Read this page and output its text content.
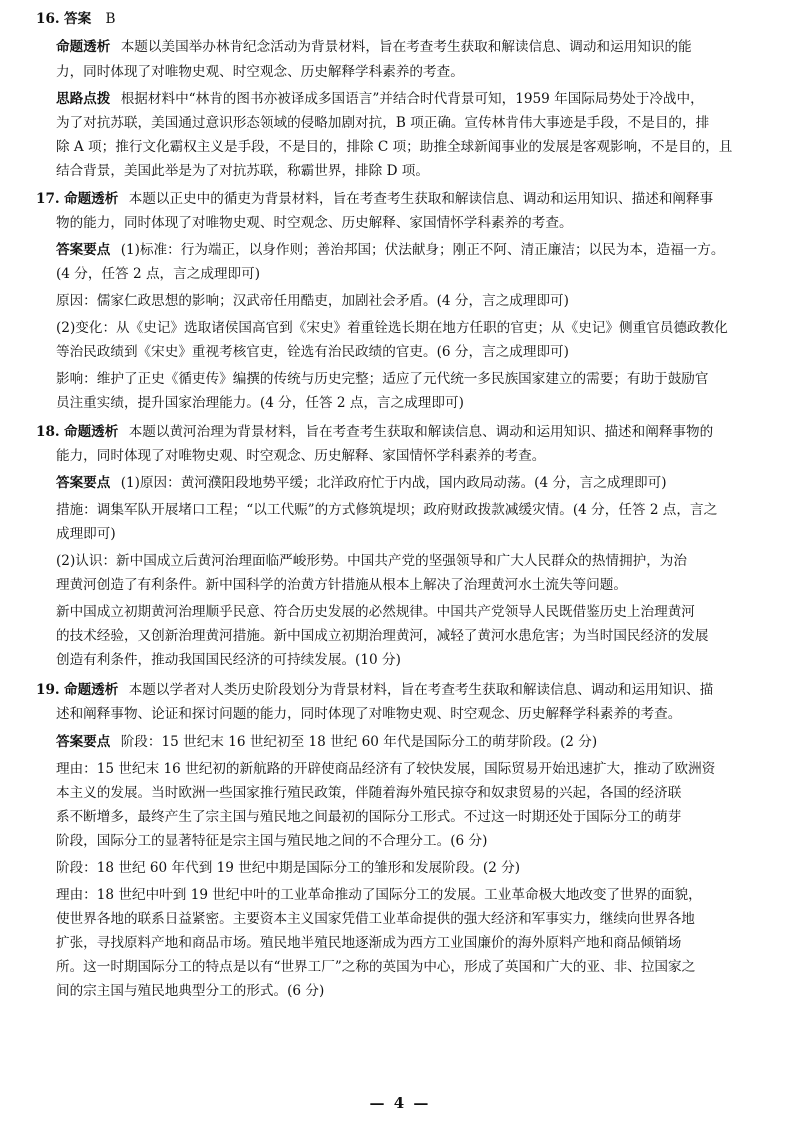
16. 答案 B
命题透析 本题以美国举办林肯纪念活动为背景材料，旨在考查考生获取和解读信息、调动和运用知识的能
力，同时体现了对唯物史观、时空观念、历史解释学科素养的考查。
思路点拨 根据材料中“林肯的图书亦被译成多国语言”并结合时代背景可知，1959 年国际局势处于冷战中，
为了对抗苏联，美国通过意识形态领域的侵略加剧对抗，B 项正确。宣传林肯伟大事迹是手段，不是目的，排
除 A 项；推行文化霸权主义是手段，不是目的，排除 C 项；助推全球新闻事业的发展是客观影响，不是目的，且
结合背景，美国此举是为了对抗苏联，称霸世界，排除 D 项。
17. 命题透析 本题以正史中的循吏为背景材料，旨在考查考生获取和解读信息、调动和运用知识、描述和阐释事
物的能力，同时体现了对唯物史观、时空观念、历史解释、家国情怀学科素养的考查。
答案要点 (1)标准：行为端正，以身作则；善治邦国；伏法献身；刚正不阿、清正廉洁；以民为本，造福一方。
(4 分，任答 2 点，言之成理即可)
原因：儒家仁政思想的影响；汉武帝任用酷吏，加剧社会矛盾。(4 分，言之成理即可)
(2)变化：从《史记》选取诸侯国高官到《宋史》着重铨选长期在地方任职的官吏；从《史记》侧重官员德政教化
等治民政绩到《宋史》重视考核官吏，铨选有治民政绩的官吏。(6 分，言之成理即可)
影响：维护了正史《循吏传》编撰的传统与历史完整；适应了元代统一多民族国家建立的需要；有助于鼓励官
员注重实绩，提升国家治理能力。(4 分，任答 2 点，言之成理即可)
18. 命题透析 本题以黄河治理为背景材料，旨在考查考生获取和解读信息、调动和运用知识、描述和阐释事物的
能力，同时体现了对唯物史观、时空观念、历史解释、家国情怀学科素养的考查。
答案要点 (1)原因：黄河濮阳段地势平缓；北洋政府忙于内战，国内政局动荡。(4 分，言之成理即可)
措施：调集军队开展堵口工程；“以工代赈”的方式修筑堤坝；政府财政拨款减缓灾情。(4 分，任答 2 点，言之
成理即可)
(2)认识：新中国成立后黄河治理面临严峻形势。中国共产党的坚强领导和广大人民群众的热情拥护，为治
理黄河创造了有利条件。新中国科学的治黄方针措施从根本上解决了治理黄河水土流失等问题。
新中国成立初期黄河治理顺乎民意、符合历史发展的必然规律。中国共产党领导人民既借鉴历史上治理黄河
的技术经验，又创新治理黄河措施。新中国成立初期治理黄河，减轻了黄河水患危害；为当时国民经济的发展
创造有利条件，推动我国国民经济的可持续发展。(10 分)
19. 命题透析 本题以学者对人类历史阶段划分为背景材料，旨在考查考生获取和解读信息、调动和运用知识、描
述和阐释事物、论证和探讨问题的能力，同时体现了对唯物史观、时空观念、历史解释学科素养的考查。
答案要点 阶段：15 世纪末 16 世纪初至 18 世纪 60 年代是国际分工的萌芽阶段。(2 分)
理由：15 世纪末 16 世纪初的新航路的开辟使商品经济有了较快发展，国际贸易开始迅速扩大，推动了欧洲资
本主义的发展。当时欧洲一些国家推行殖民政策，伴随着海外殖民掠夺和奴隶贸易的兴起，各国的经济联
系不断增多，最终产生了宗主国与殖民地之间最初的国际分工形式。不过这一时期还处于国际分工的萌芽
阶段，国际分工的显著特征是宗主国与殖民地之间的不合理分工。(6 分)
阶段：18 世纪 60 年代到 19 世纪中期是国际分工的雏形和发展阶段。(2 分)
理由：18 世纪中叶到 19 世纪中叶的工业革命推动了国际分工的发展。工业革命极大地改变了世界的面貌，
使世界各地的联系日益紧密。主要资本主义国家凭借工业革命提供的强大经济和军事实力，继续向世界各地
扩张，寻找原料产地和商品市场。殖民地半殖民地逐渐成为西方工业国廉价的海外原料产地和商品倾销场
所。这一时期国际分工的特点是以有“世界工厂”之称的英国为中心，形成了英国和广大的亚、非、拉国家之
间的宗主国与殖民地典型分工的形式。(6 分)
— 4 —
